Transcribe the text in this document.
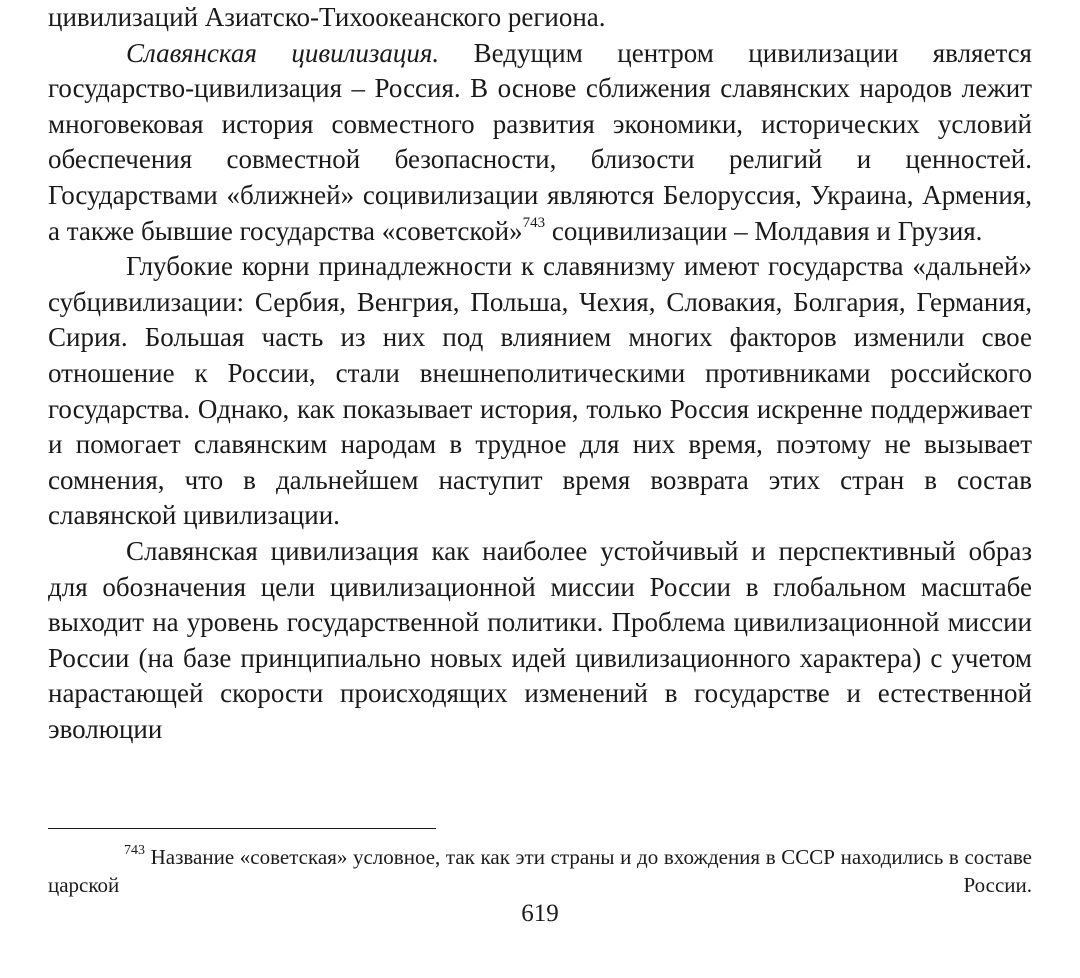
цивилизаций Азиатско-Тихоокеанского региона.

Славянская цивилизация. Ведущим центром цивилизации является государство-цивилизация – Россия. В основе сближения славянских народов лежит многовековая история совместного развития экономики, исторических условий обеспечения совместной безопасности, близости религий и ценностей. Государствами «ближней» социвилизации являются Белоруссия, Украина, Армения, а также бывшие государства «советской»$^{743}$ социвилизации – Молдавия и Грузия.

Глубокие корни принадлежности к славянизму имеют государства «дальней» субцивилизации: Сербия, Венгрия, Польша, Чехия, Словакия, Болгария, Германия, Сирия. Большая часть из них под влиянием многих факторов изменили свое отношение к России, стали внешнеполитическими противниками российского государства. Однако, как показывает история, только Россия искренне поддерживает и помогает славянским народам в трудное для них время, поэтому не вызывает сомнения, что в дальнейшем наступит время возврата этих стран в состав славянской цивилизации.

Славянская цивилизация как наиболее устойчивый и перспективный образ для обозначения цели цивилизационной миссии России в глобальном масштабе выходит на уровень государственной политики. Проблема цивилизационной миссии России (на базе принципиально новых идей цивилизационного характера) с учетом нарастающей скорости происходящих изменений в государстве и естественной эволюции

$^{743}$ Название «советская» условное, так как эти страны и до вхождения в СССР находились в составе царской России.
619
